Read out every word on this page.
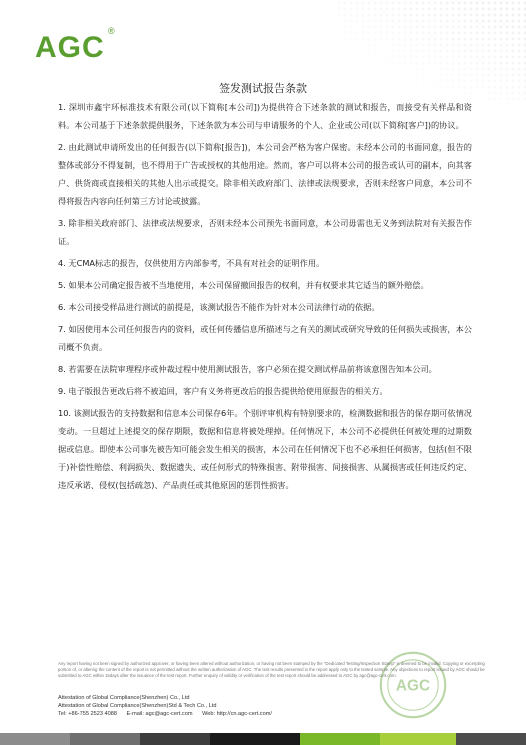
AGC ®
签发测试报告条款

1. 深圳市鑫宇环标准技术有限公司(以下简称[本公司])为提供符合下述条款的测试和报告，而接受有关样品和资料。本公司基于下述条款提供服务，下述条款为本公司与申请服务的个人、企业或公司(以下简称[客户])的协议。

2. 由此测试申请所发出的任何报告(以下简称[报告])，本公司会严格为客户保密。未经本公司的书面同意，报告的整体或部分不得复制，也不得用于广告或授权的其他用途。然而，客户可以将本公司的报告或认可的副本，向其客户、供货商或直接相关的其他人出示或提交。除非相关政府部门、法律或法规要求，否则未经客户同意，本公司不得将报告内容向任何第三方讨论或披露。

3. 除非相关政府部门、法律或法规要求，否则未经本公司预先书面同意，本公司毋需也无义务到法院对有关报告作证。

4. 无CMA标志的报告，仅供使用方内部参考，不具有对社会的证明作用。

5. 如果本公司确定报告被不当地使用，本公司保留撤回报告的权利，并有权要求其它适当的额外赔偿。

6. 本公司接受样品进行测试的前提是，该测试报告不能作为针对本公司法律行动的依据。

7. 如因使用本公司任何报告内的资料，或任何传播信息所描述与之有关的测试或研究导致的任何损失或损害，本公司概不负责。

8. 若需要在法院审理程序或仲裁过程中使用测试报告，客户必须在提交测试样品前将该意图告知本公司。

9. 电子版报告更改后将不被追回，客户有义务将更改后的报告提供给使用原报告的相关方。

10. 该测试报告的支持数据和信息本公司保存6年。个别评审机构有特别要求的，检测数据和报告的保存期可依情况变动。一旦超过上述提交的保存期限，数据和信息将被处理掉。任何情况下，本公司不必提供任何被处理的过期数据或信息。即使本公司事先被告知可能会发生相关的损害，本公司在任何情况下也不必承担任何损害，包括(但不限于)补偿性赔偿、利润损失、数据遗失、或任何形式的特殊损害、附带损害、间接损害、从属损害或任何违反约定、违反承诺、侵权(包括疏忽)、产品责任或其他原因的惩罚性损害。

AGC
Any report having not been signed by authorized approver, or having been altered without authorization, or having not been stamped by the "Dedicated Testing/Inspection Stamp" is deemed to be invalid. Copying or excerpting portion of, or altering the content of the report is not permitted without the written authorization of AGC. The test results presented in the report apply only to the tested sample. Any objections to report issued by AGC should be submitted to AGC within 15days after the issuance of the test report. Further enquiry of validity or verification of the test report should be addressed to AGC by agc@agc-cert.com.
Attestation of Global Compliance(Shenzhen) Co., Ltd
Attestation of Global Compliance(Shenzhen)Std & Tech Co., Ltd
Tel: +86-755 2523 4088 E-mail: agc@agc-cert.com Web: http://cn.agc-cert.com/
